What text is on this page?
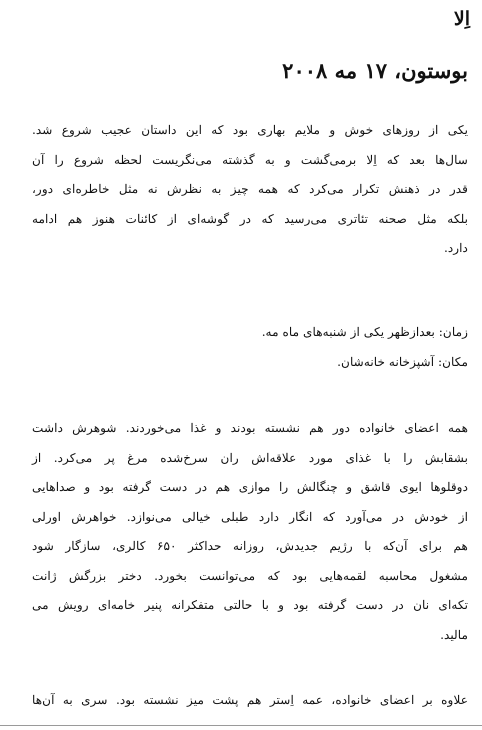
اِلا
بوستون، ۱۷ مه ۲۰۰۸
یکی از روزهای خوش و ملایم بهاری بود که این داستان عجیب شروع شد.
سال‌ها بعد که اِلا برمی‌گشت و به گذشته می‌نگریست لحظه شروع را آن
قدر در ذهنش تکرار می‌کرد که همه چیز به نظرش نه مثل خاطره‌ای دور،
بلکه مثل صحنه تئاتری می‌رسید که در گوشه‌ای از کائنات هنوز هم ادامه
دارد.
زمان: بعدازظهر یکی از شنبه‌های ماه مه.
مکان: آشپزخانه خانه‌شان.
همه اعضای خانواده دور هم نشسته بودند و غذا می‌خوردند. شوهرش داشت
بشقابش را با غذای مورد علاقه‌اش ران سرخ‌شده مرغ پر می‌کرد. از
دوقلوها ایوی قاشق و چنگالش را موازی هم در دست گرفته بود و صداهایی
از خودش در می‌آورد که انگار دارد طبلی خیالی می‌نوازد. خواهرش اورلی
هم برای آن‌که با رژیم جدیدش، روزانه حداکثر ۶۵۰ کالری، سازگار شود
مشغول محاسبه لقمه‌هایی بود که می‌توانست بخورد. دختر بزرگش ژانت
تکه‌ای نان در دست گرفته بود و با حالتی متفکرانه پنیر خامه‌ای رویش می
مالید.
علاوه بر اعضای خانواده، عمه اِستر هم پشت میز نشسته بود. سری به آن‌ها
